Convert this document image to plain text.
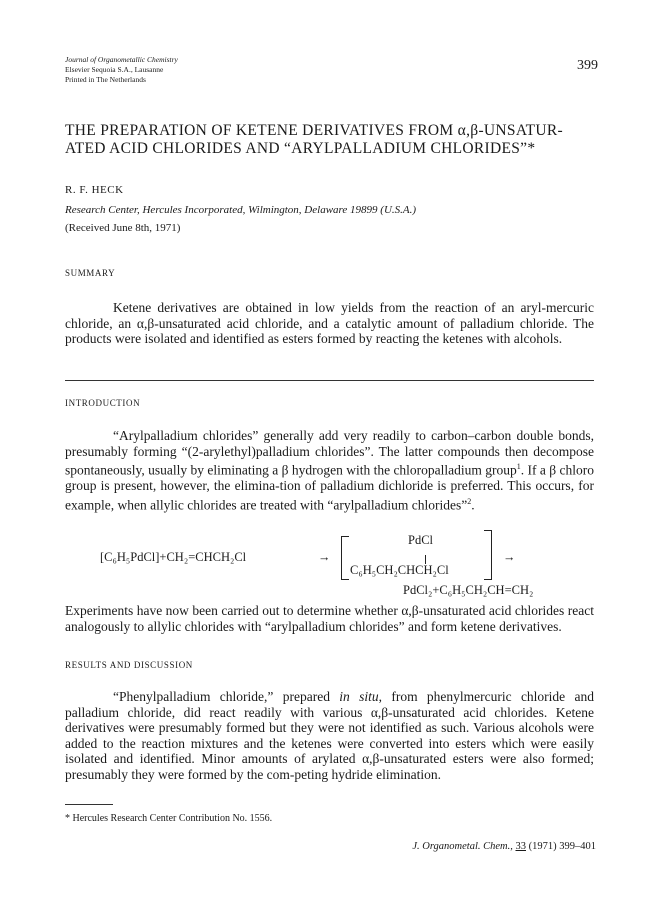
Journal of Organometallic Chemistry
Elsevier Sequoia S.A., Lausanne
Printed in The Netherlands
399
THE PREPARATION OF KETENE DERIVATIVES FROM α,β-UNSATUR-
ATED ACID CHLORIDES AND “ARYLPALLADIUM CHLORIDES”*
R. F. HECK
Research Center, Hercules Incorporated, Wilmington, Delaware 19899 (U.S.A.)
(Received June 8th, 1971)
SUMMARY

Ketene derivatives are obtained in low yields from the reaction of an aryl-mercuric chloride, an α,β-unsaturated acid chloride, and a catalytic amount of palladium chloride. The products were isolated and identified as esters formed by reacting the ketenes with alcohols.

INTRODUCTION

“Arylpalladium chlorides” generally add very readily to carbon–carbon double bonds, presumably forming “(2-arylethyl)palladium chlorides”. The latter compounds then decompose spontaneously, usually by eliminating a β hydrogen with the chloropalladium group$^1$. If a β chloro group is present, however, the elimina-tion of palladium dichloride is preferred. This occurs, for example, when allylic chlorides are treated with “arylpalladium chlorides”$^2$.

[C₆H₅PdCl]+CH₂=CHCH₂Cl	→
PdCl
C₆H₅CH₂CHCH₂Cl
→
PdCl₂+C₆H₅CH₂CH=CH₂

Experiments have now been carried out to determine whether α,β-unsaturated acid chlorides react analogously to allylic chlorides with “arylpalladium chlorides” and form ketene derivatives.

RESULTS AND DISCUSSION

“Phenylpalladium chloride,” prepared in situ, from phenylmercuric chloride and palladium chloride, did react readily with various α,β-unsaturated acid chlorides. Ketene derivatives were presumably formed but they were not identified as such. Various alcohols were added to the reaction mixtures and the ketenes were converted into esters which were easily isolated and identified. Minor amounts of arylated α,β-unsaturated esters were also formed; presumably they were formed by the com-peting hydride elimination.

* Hercules Research Center Contribution No. 1556.
J. Organometal. Chem., 33 (1971) 399–401
